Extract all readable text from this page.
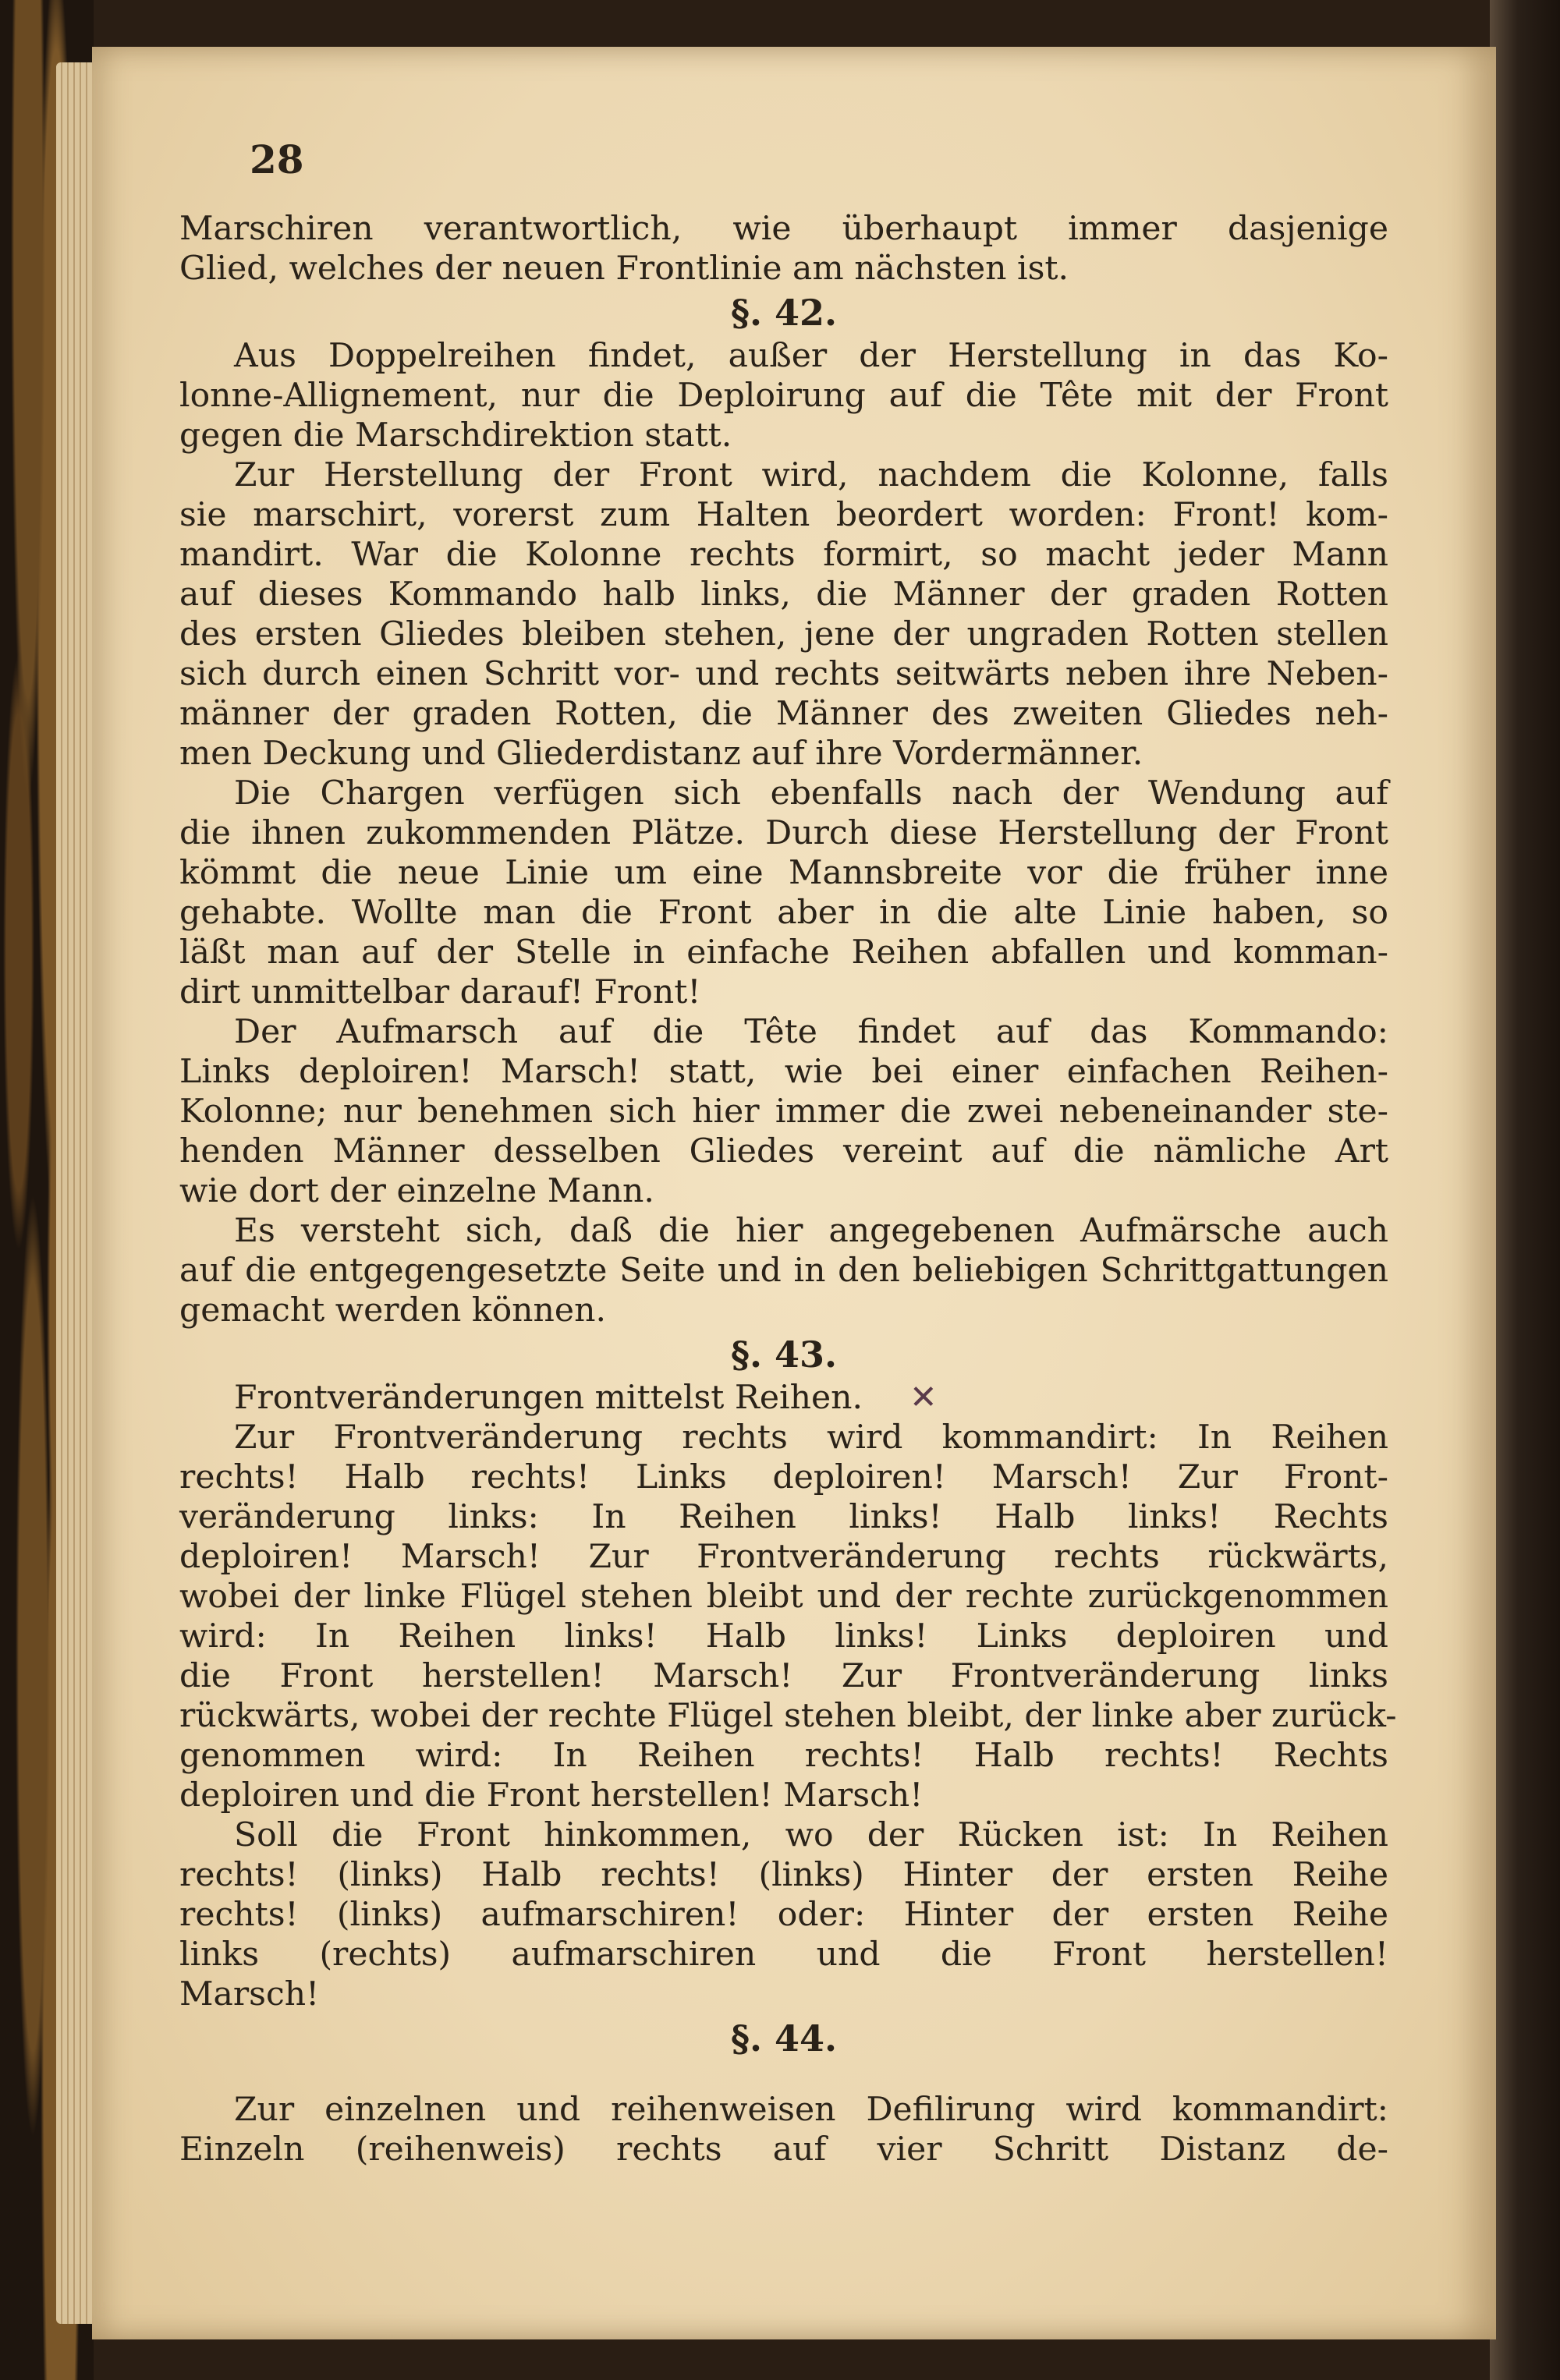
28
Marschiren verantwortlich, wie überhaupt immer dasjenige
Glied, welches der neuen Frontlinie am nächsten ist.
§. 42.
Aus Doppelreihen findet, außer der Herstellung in das Ko-
lonne-Allignement, nur die Deploirung auf die Tête mit der Front
gegen die Marschdirektion statt.
Zur Herstellung der Front wird, nachdem die Kolonne, falls
sie marschirt, vorerst zum Halten beordert worden: Front! kom-
mandirt. War die Kolonne rechts formirt, so macht jeder Mann
auf dieses Kommando halb links, die Männer der graden Rotten
des ersten Gliedes bleiben stehen, jene der ungraden Rotten stellen
sich durch einen Schritt vor- und rechts seitwärts neben ihre Neben-
männer der graden Rotten, die Männer des zweiten Gliedes neh-
men Deckung und Gliederdistanz auf ihre Vordermänner.
Die Chargen verfügen sich ebenfalls nach der Wendung auf
die ihnen zukommenden Plätze. Durch diese Herstellung der Front
kömmt die neue Linie um eine Mannsbreite vor die früher inne
gehabte. Wollte man die Front aber in die alte Linie haben, so
läßt man auf der Stelle in einfache Reihen abfallen und komman-
dirt unmittelbar darauf! Front!
Der Aufmarsch auf die Tête findet auf das Kommando:
Links deploiren! Marsch! statt, wie bei einer einfachen Reihen-
Kolonne; nur benehmen sich hier immer die zwei nebeneinander ste-
henden Männer desselben Gliedes vereint auf die nämliche Art
wie dort der einzelne Mann.
Es versteht sich, daß die hier angegebenen Aufmärsche auch
auf die entgegengesetzte Seite und in den beliebigen Schrittgattungen
gemacht werden können.
§. 43.
Frontveränderungen mittelst Reihen. ✕
Zur Frontveränderung rechts wird kommandirt: In Reihen
rechts! Halb rechts! Links deploiren! Marsch! Zur Front-
veränderung links: In Reihen links! Halb links! Rechts
deploiren! Marsch! Zur Frontveränderung rechts rückwärts,
wobei der linke Flügel stehen bleibt und der rechte zurückgenommen
wird: In Reihen links! Halb links! Links deploiren und
die Front herstellen! Marsch! Zur Frontveränderung links
rückwärts, wobei der rechte Flügel stehen bleibt, der linke aber zurück-
genommen wird: In Reihen rechts! Halb rechts! Rechts
deploiren und die Front herstellen! Marsch!
Soll die Front hinkommen, wo der Rücken ist: In Reihen
rechts! (links) Halb rechts! (links) Hinter der ersten Reihe
rechts! (links) aufmarschiren! oder: Hinter der ersten Reihe
links (rechts) aufmarschiren und die Front herstellen!
Marsch!
§. 44.
Zur einzelnen und reihenweisen Defilirung wird kommandirt:
Einzeln (reihenweis) rechts auf vier Schritt Distanz de-
